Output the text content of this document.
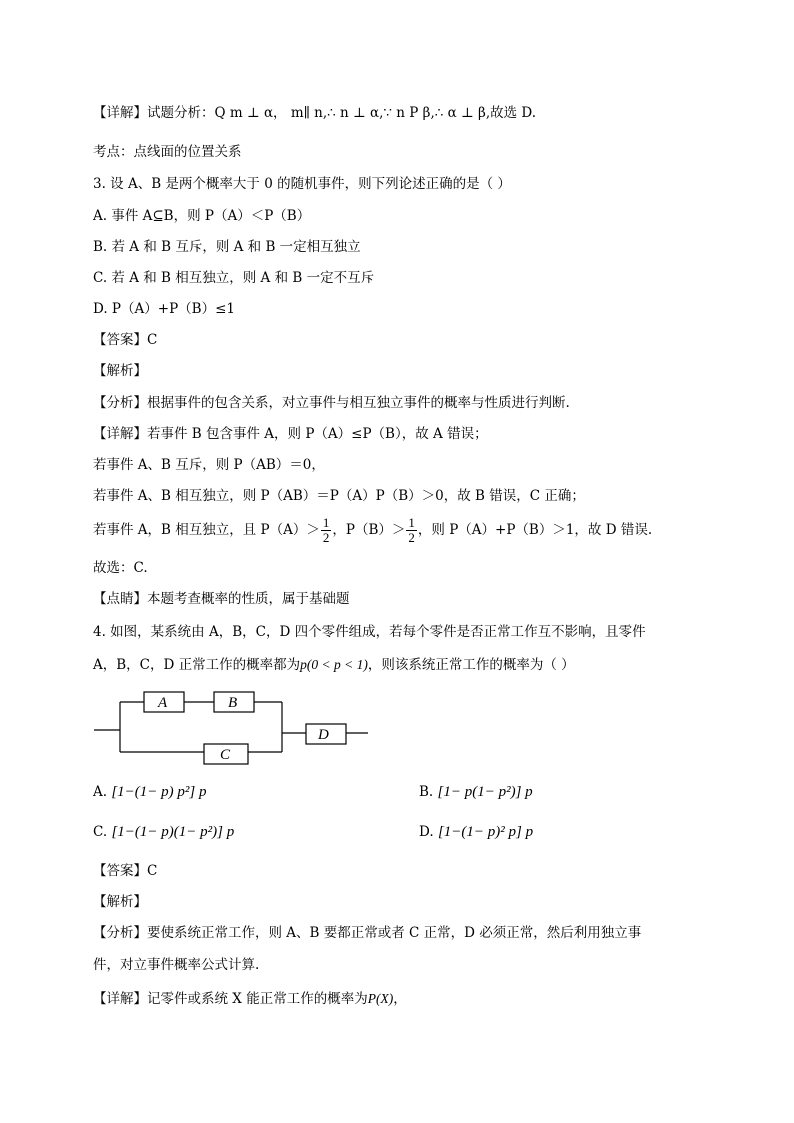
【详解】试题分析：Q m ⊥ α， m∥ n,∴ n ⊥ α,∵ n P β,∴ α ⊥ β,故选 D.
考点：点线面的位置关系
3. 设 A、B 是两个概率大于 0 的随机事件，则下列论述正确的是（ ）
A. 事件 A⊆B，则 P（A）＜P（B）
B. 若 A 和 B 互斥，则 A 和 B 一定相互独立
C. 若 A 和 B 相互独立，则 A 和 B 一定不互斥
D. P（A）+P（B）≤1
【答案】C
【解析】
【分析】根据事件的包含关系，对立事件与相互独立事件的概率与性质进行判断.
【详解】若事件 B 包含事件 A，则 P（A）≤P（B），故 A 错误；
若事件 A、B 互斥，则 P（AB）＝0，
若事件 A、B 相互独立，则 P（AB）＝P（A）P（B）＞0，故 B 错误，C 正确；
若事件 A，B 相互独立，且 $P(A)> \frac{1}{2}$ ，$P(B)> \frac{1}{2}$ ，则 P（A）+P（B）＞1，故 D 错误.
故选：C.
【点睛】本题考查概率的性质，属于基础题
4. 如图，某系统由 A，B，C，D 四个零件组成，若每个零件是否正常工作互不影响，且零件
A，B，C，D 正常工作的概率都为p(0 < p < 1)，则该系统正常工作的概率为（ ）
A	B
C
D
A. [1−(1− p) p²] p	B. [1− p(1− p²)] p
C. [1−(1− p)(1− p²)] p	D. [1−(1− p)² p] p
【答案】C
【解析】
【分析】要使系统正常工作，则 A、B 要都正常或者 C 正常，D 必须正常，然后利用独立事
件，对立事件概率公式计算.
【详解】记零件或系统 X 能正常工作的概率为P(X)，
